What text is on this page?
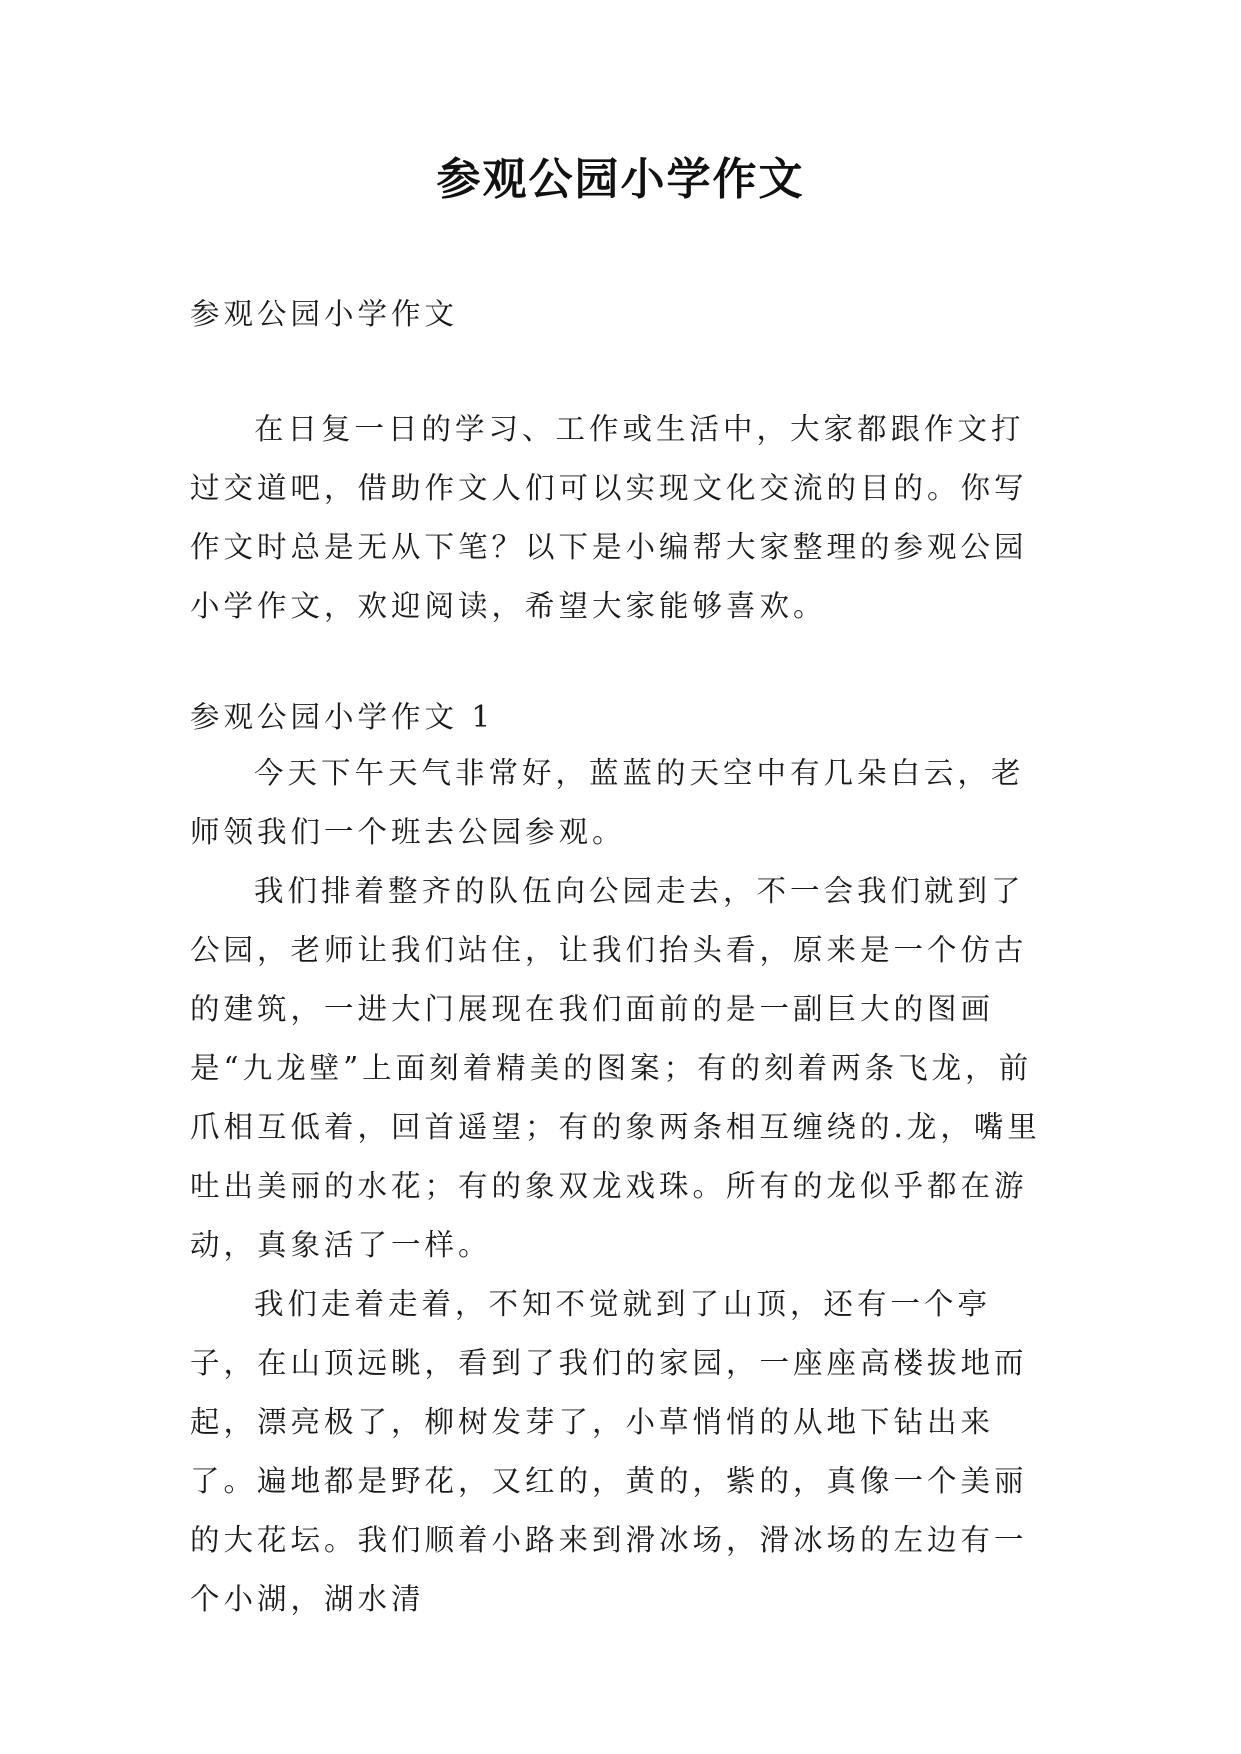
参观公园小学作文

参观公园小学作文

在日复一日的学习、工作或生活中，大家都跟作文打过交道吧，借助作文人们可以实现文化交流的目的。你写作文时总是无从下笔？以下是小编帮大家整理的参观公园小学作文，欢迎阅读，希望大家能够喜欢。

参观公园小学作文 1

今天下午天气非常好，蓝蓝的天空中有几朵白云，老师领我们一个班去公园参观。

我们排着整齐的队伍向公园走去，不一会我们就到了公园，老师让我们站住，让我们抬头看，原来是一个仿古的建筑，一进大门展现在我们面前的是一副巨大的图画是“九龙壁”上面刻着精美的图案；有的刻着两条飞龙，前爪相互低着，回首遥望；有的象两条相互缠绕的.龙，嘴里吐出美丽的水花；有的象双龙戏珠。所有的龙似乎都在游动，真象活了一样。

我们走着走着，不知不觉就到了山顶，还有一个亭子，在山顶远眺，看到了我们的家园，一座座高楼拔地而起，漂亮极了，柳树发芽了，小草悄悄的从地下钻出来了。遍地都是野花，又红的，黄的，紫的，真像一个美丽的大花坛。我们顺着小路来到滑冰场，滑冰场的左边有一个小湖，湖水清
